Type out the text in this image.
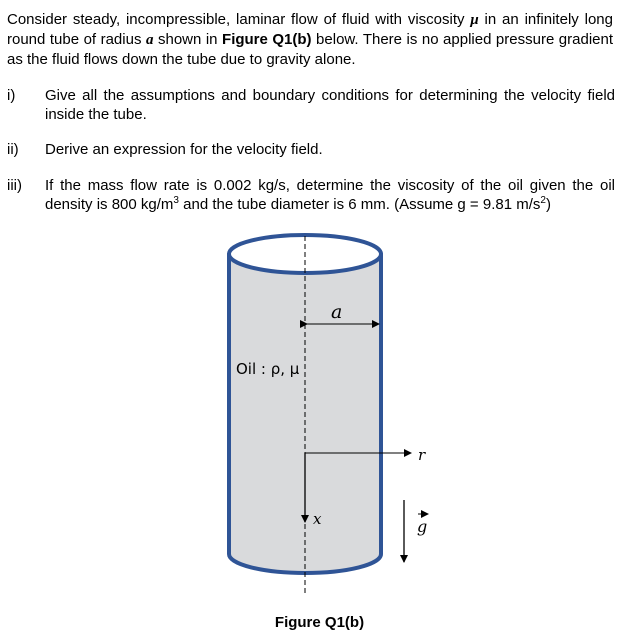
Consider steady, incompressible, laminar flow of fluid with viscosity μ in an infinitely long round tube of radius a shown in Figure Q1(b) below. There is no applied pressure gradient as the fluid flows down the tube due to gravity alone.
i)	Give all the assumptions and boundary conditions for determining the velocity field inside the tube.
ii)	Derive an expression for the velocity field.
iii)	If the mass flow rate is 0.002 kg/s, determine the viscosity of the oil given the oil density is 800 $kg/m^3$ and the tube diameter is 6 mm. (Assume g = 9.81 $m/s^2$)
a
Oil : ρ, μ
r
x	g
Figure Q1(b)
